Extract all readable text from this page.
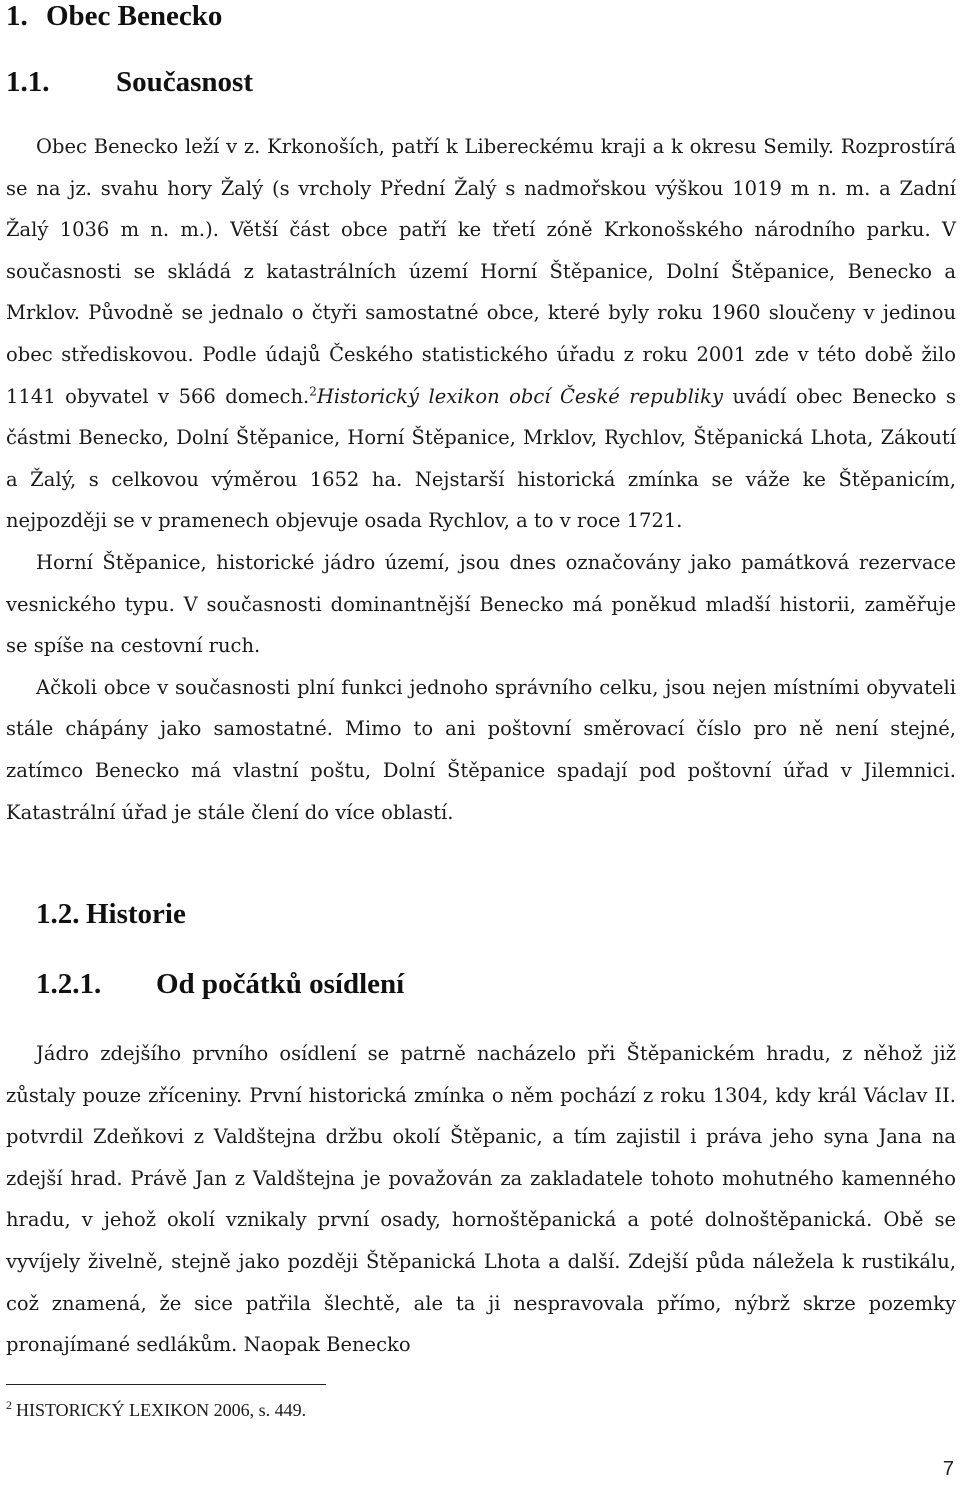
1. Obec Benecko
1.1. Současnost

Obec Benecko leží v z. Krkonoších, patří k Libereckému kraji a k okresu Semily. Rozprostírá se na jz. svahu hory Žalý (s vrcholy Přední Žalý s nadmořskou výškou 1019 m n. m. a Zadní Žalý 1036 m n. m.). Větší část obce patří ke třetí zóně Krkonošského národního parku. V současnosti se skládá z katastrálních území Horní Štěpanice, Dolní Štěpanice, Benecko a Mrklov. Původně se jednalo o čtyři samostatné obce, které byly roku 1960 sloučeny v jedinou obec střediskovou. Podle údajů Českého statistického úřadu z roku 2001 zde v této době žilo 1141 obyvatel v 566 domech.$^2$Historický lexikon obcí České republiky uvádí obec Benecko s částmi Benecko, Dolní Štěpanice, Horní Štěpanice, Mrklov, Rychlov, Štěpanická Lhota, Zákoutí a Žalý, s celkovou výměrou 1652 ha. Nejstarší historická zmínka se váže ke Štěpanicím, nejpozději se v pramenech objevuje osada Rychlov, a to v roce 1721.

Horní Štěpanice, historické jádro území, jsou dnes označovány jako památková rezervace vesnického typu. V současnosti dominantnější Benecko má poněkud mladší historii, zaměřuje se spíše na cestovní ruch.

Ačkoli obce v současnosti plní funkci jednoho správního celku, jsou nejen místními obyvateli stále chápány jako samostatné. Mimo to ani poštovní směrovací číslo pro ně není stejné, zatímco Benecko má vlastní poštu, Dolní Štěpanice spadají pod poštovní úřad v Jilemnici. Katastrální úřad je stále člení do více oblastí.

1.2. Historie
1.2.1. Od počátků osídlení

Jádro zdejšího prvního osídlení se patrně nacházelo při Štěpanickém hradu, z něhož již zůstaly pouze zříceniny. První historická zmínka o něm pochází z roku 1304, kdy král Václav II. potvrdil Zdeňkovi z Valdštejna držbu okolí Štěpanic, a tím zajistil i práva jeho syna Jana na zdejší hrad. Právě Jan z Valdštejna je považován za zakladatele tohoto mohutného kamenného hradu, v jehož okolí vznikaly první osady, hornoštěpanická a poté dolnoštěpanická. Obě se vyvíjely živelně, stejně jako později Štěpanická Lhota a další. Zdejší půda náležela k rustikálu, což znamená, že sice patřila šlechtě, ale ta ji nespravovala přímo, nýbrž skrze pozemky pronajímané sedlákům. Naopak Benecko

$^2$ HISTORICKÝ LEXIKON 2006, s. 449.
7
